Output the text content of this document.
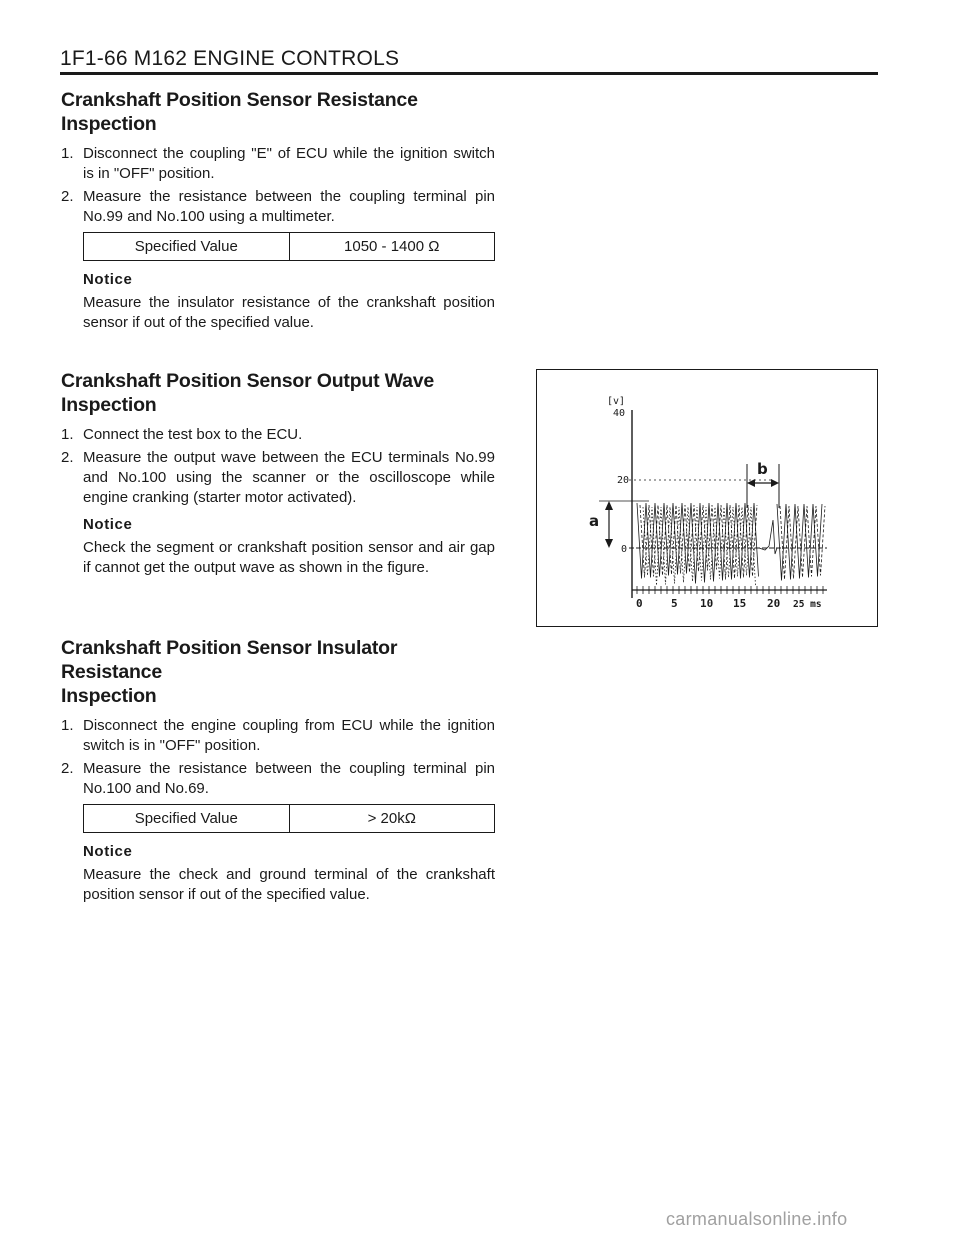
1F1-66 M162 ENGINE CONTROLS
Crankshaft Position Sensor Resistance
Inspection
1. Disconnect the coupling "E" of ECU while the ignition switch is in "OFF" position.
2. Measure the resistance between the coupling terminal pin No.99 and No.100 using a multimeter.
Specified Value	1050 - 1400 Ω
Notice
Measure the insulator resistance of the crankshaft position sensor if out of the specified value.
Crankshaft Position Sensor Output Wave
Inspection
1. Connect the test box to the ECU.
2. Measure the output wave between the ECU terminals No.99 and No.100 using the scanner or the oscilloscope while engine cranking (starter motor activated).
Notice
Check the segment or crankshaft position sensor and air gap if cannot get the output wave as shown in the figure.
[v]
40
20
0
0	5 10 15 20 25 ms
a
b
Crankshaft Position Sensor Insulator Resistance
Inspection
1. Disconnect the engine coupling from ECU while the ignition switch is in "OFF" position.
2. Measure the resistance between the coupling terminal pin No.100 and No.69.
Specified Value	> 20kΩ
Notice
Measure the check and ground terminal of the crankshaft position sensor if out of the specified value.
carmanualsonline.info
